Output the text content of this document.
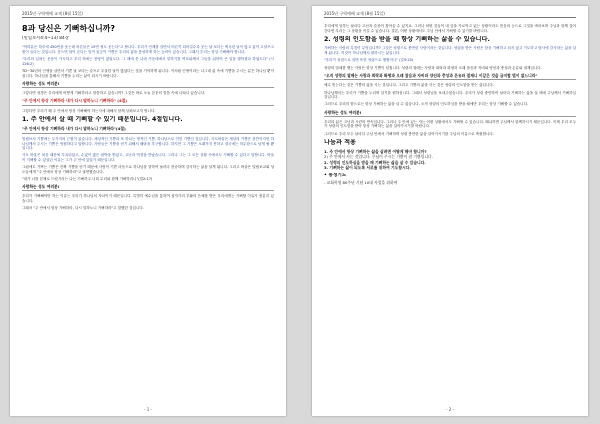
2015년 구역예배 교재 (8월 15일)
8과 당신은 기뻐하십니까?
(빌립보서4:4~13) 84장
"여러분은 하루에 450번을 웃는데 어른들은 15번 정도 웃는다"고 합니다. 우리가 언제를 살면서 어른이 되어갈수록 웃는 날 보다는 찌푸린 날이 많고 삶이 고달프고 힘이 들다는 것입니다. 웃으면 복이 온다는 말이 있듯이 기쁨은 우리의 삶을 풍성하게 하는 능력이 있습니다. 그래서 우리는 항상 기뻐해야 합니다.
"우리의 입에는 웃음이 가득하고 우리 혀에는 찬양이 찼었도다. 그 때에 뭇 나라 가운데에서 말하기를 여호와께서 그들을 위하여 큰 일을 행하셨다 하였도다" (시126:2)
TD~30년의 인생을 살면서 기쁜 날 보다는 슬프고 우울한 날이 많았다는 것을 기억하게 됩니다. 이처럼 인생이라는 나그네 삶 속에 기쁨을 주시는 분은 하나님 뿐이십니다. 하나님을 통해서 기쁨을 누리는 삶이 되시기 바랍니다.
사랑하는 성도 여러분!
그렇다면 성경은 우리에게 어떻게 기뻐하라고 말씀하고 있습니까? 그것은 바로 오늘 본문의 말씀 속에 나타나 있습니다.
"주 안에서 항상 기뻐하라 내가 다시 말하노니 기뻐하라" (4절)
그렇다면 우리가 왜 주 안에서 항상 기뻐해야 하는지에 대해서 함께 살펴보고자 합니다.
1. 주 안에서 살 때 기뻐할 수 있기 때문입니다. 4절입니다.
"주 안에서 항상 기뻐하라 내가 다시 말하노니 기뻐하라"(4절)
빌립보서 기쁨에는 두가지의 근원이 있습니다. 세상적인 기쁨과 또 하나는 영적인 기쁨, 하나님으로 인한 기쁨인 것입니다. 사도바울은 세상의 기쁨은 잠깐이지만 하나님께서 주시는 기쁨은 영원하다고 말합니다. 사람들은 기쁨을 얻기 위해서 쾌락을 추구합니다. 하지만 그 기쁨은 오래가지 못하고 결국에는 허무함으로 남게 될 뿐입니다.
사도 바울은 복음 때문에 투옥되었고, 수없이 많은 핍박을 받았고, 고난과 역경을 만났습니다. 그러나 그는 그 모든 상황 속에서도 기뻐할 수 있다고 말합니다. 바울이 기뻐할 수 있었던 이유는 그가 주 안에 있었기 때문입니다.
그럼에도 기쁘는 기쁨은 진짜 기쁨을 얻기 때문에 사람이 기쁜 마음으로 하나님을 향하여 날마다 찬송하며 감사하는 삶을 살게 됩니다. 그리고 바울은 빌립보교회 성도들에게 "주 안에서 항상 기뻐하라"고 권면했습니다.
"내가 너를 본체로 드렸기라는 나는 기뻐하고 너희 무리와 함께 기뻐하리니"(빌2:17)
사랑하는 성도 여러분!
우리가 기뻐해야만 하는 이유는 우리가 하나님의 자녀이기 때문입니다. 특별히 예수님을 통하여 십자가의 부활의 은혜를 받은 우리에게는 기뻐할 이유가 충분히 있습니다.
그래서 "주 안에서 항상 기뻐하라, 다시 말하노니 기뻐하라"고 말했던 것입니다.
- 1 -
2015년 구역예배 교재 (8월 15일)
우리에게 임하는 날마다 고난과 슬픔이 찾아올 수 있지요. 그러나 어떤 것들이 내 앞을 가로막고 있는 상황이라도 믿음의 눈으로 그것을 바라보며 주님과 함께 걸어간다면 우리는 그 상황을 이길 수 있습니다. 결론, 어떤 상황에서도 주님 안에서 기뻐할 수 있기를 바랍니다.
2. 성령의 인도함을 받을 때 항상 기뻐하는 삶을 수 있습니다.
기뻐하는 사람의 특징이 무엇입니까? 그것은 성령으로 충만한 사람이라는 것입니다. 성령을 받은 사람은 항상 기뻐하고 쉬지 않고 기도하고 범사에 감사하는 삶을 살게 됩니다. 이것이 하나님께서 원하시는 삶입니다.
"우리가 성령으로 살면 또한 성령으로 행할지니" (갈5:25)
성령의 열매를 맺는 사람은 항상 기쁨이 넘칩니다. 성령의 열매는 사랑과 희락과 화평과 오래 참음과 자비와 양선과 충성과 온유와 절제입니다.
"오직 성령의 열매는 사랑과 희락과 화평과 오래 참음과 자비와 양선과 충성과 온유와 절제니 이같은 것을 금지할 법이 없느니라"
예수 믿는다는 것은 기쁨의 삶을 사는 것입니다. 그리고 기쁨의 삶을 사는 것은 성령의 인도함을 받는 삶입니다.
하나님께서는 우리가 기쁨을 누리며 살기를 원하십니다. 그래서 성령님을 보내주셨습니다. 우리가 성령 충만하여 날마다 기뻐하는 삶을 살 때에 주님께서 기뻐하실 것입니다.
그러므로 우리의 힘으로는 항상 기뻐하는 삶을 살 수 없습니다. 오직 성령의 인도하심을 받을 때에만 우리는 항상 기뻐할 수 있습니다.
사랑하는 성도 여러분!
우리의 삶은 고난과 시련의 연속입니다. 그러나 주 안에 있는 자는 어떤 상황에서도 기뻐할 수 있습니다. 왜냐하면 주님께서 함께하시기 때문입니다. 이제 우리 모두가 성령의 인도함을 받아 항상 기뻐하는 삶을 살아가시기를 바랍니다.
그러므로 우리 모두 날마다 주님 안에서 기뻐하며 성령 충만한 삶을 살아가시기를 주님의 이름으로 축원합니다.
나눔과 적용
1. 주 안에서 항상 기뻐하는 삶을 살려면 어떻게 해야 합니까?
2) 주 안에서 사는 것입니다. 주님이 주시는 기쁨이 참 기쁨입니다.
2. 성령의 인도하심을 받을 때 기뻐하는 삶을 살 수 있습니다.
3. 기뻐하는 삶이 되도록 서로를 위하여 기도합시다.
• 통성기도
- 교회학생 80주년 기념 10대 사업을 위하여
- 2 -
